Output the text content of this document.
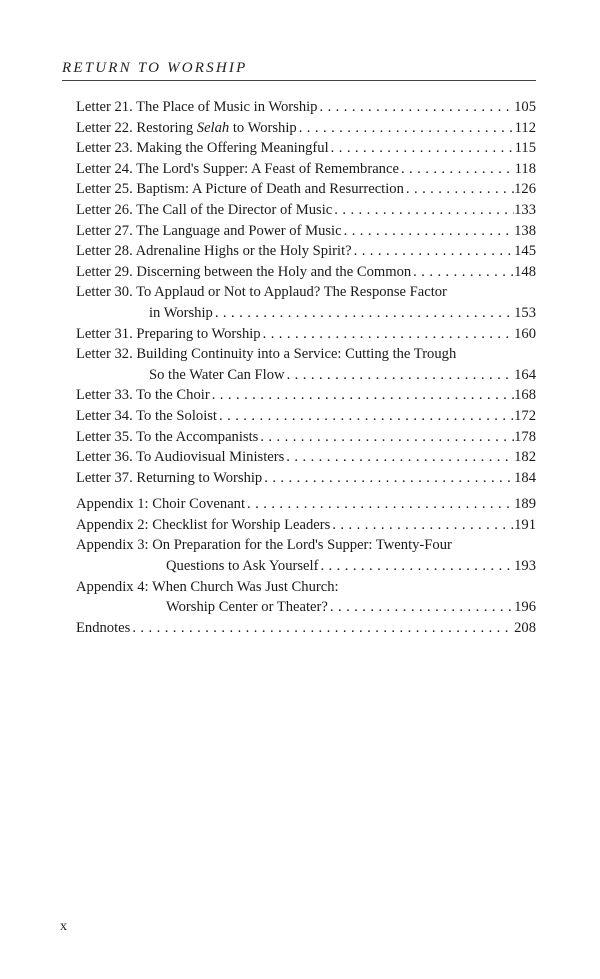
RETURN TO WORSHIP
Letter 21. The Place of Music in Worship . . .	105
Letter 22. Restoring Selah to Worship . . .	112
Letter 23. Making the Offering Meaningful . . .	115
Letter 24. The Lord's Supper: A Feast of Remembrance . . .	118
Letter 25. Baptism: A Picture of Death and Resurrection . . .	126
Letter 26. The Call of the Director of Music . . .	133
Letter 27. The Language and Power of Music . . .	138
Letter 28. Adrenaline Highs or the Holy Spirit? . . .	145
Letter 29. Discerning between the Holy and the Common . . .	148
Letter 30. To Applaud or Not to Applaud? The Response Factor
in Worship . . .	153
Letter 31. Preparing to Worship . . .	160
Letter 32. Building Continuity into a Service: Cutting the Trough
So the Water Can Flow . . .	164
Letter 33. To the Choir . . .	168
Letter 34. To the Soloist . . .	172
Letter 35. To the Accompanists . . .	178
Letter 36. To Audiovisual Ministers . . .	182
Letter 37. Returning to Worship . . .	184
Appendix 1: Choir Covenant . . .	189
Appendix 2: Checklist for Worship Leaders . . .	191
Appendix 3: On Preparation for the Lord's Supper: Twenty-Four
Questions to Ask Yourself . . .	193
Appendix 4: When Church Was Just Church:
Worship Center or Theater? . . .	196
Endnotes . . .	208
x
